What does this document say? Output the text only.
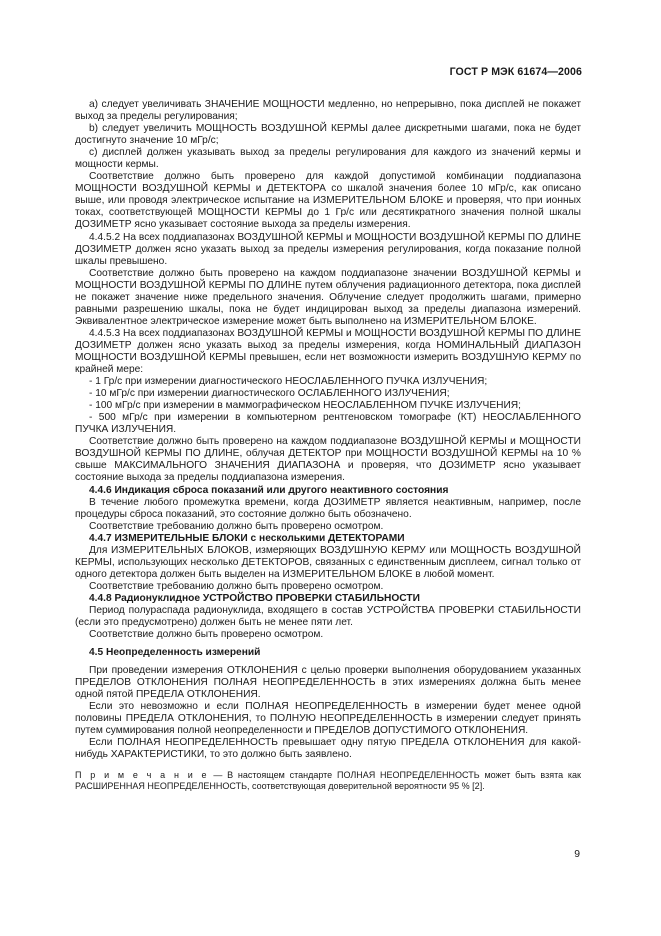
ГОСТ Р МЭК 61674—2006

а) следует увеличивать ЗНАЧЕНИЕ МОЩНОСТИ медленно, но непрерывно, пока дисплей не покажет выход за пределы регулирования;

b) следует увеличить МОЩНОСТЬ ВОЗДУШНОЙ КЕРМЫ далее дискретными шагами, пока не будет достигнуто значение 10 мГр/с;

с) дисплей должен указывать выход за пределы регулирования для каждого из значений кермы и мощности кермы.

Соответствие должно быть проверено для каждой допустимой комбинации поддиапазона МОЩНОСТИ ВОЗДУШНОЙ КЕРМЫ и ДЕТЕКТОРА со шкалой значения более 10 мГр/с, как описано выше, или проводя электрическое испытание на ИЗМЕРИТЕЛЬНОМ БЛОКЕ и проверяя, что при ионных токах, соответствующей МОЩНОСТИ КЕРМЫ до 1 Гр/с или десятикратного значения полной шкалы ДОЗИМЕТР ясно указывает состояние выхода за пределы измерения.

4.4.5.2 На всех поддиапазонах ВОЗДУШНОЙ КЕРМЫ и МОЩНОСТИ ВОЗДУШНОЙ КЕРМЫ ПО ДЛИНЕ ДОЗИМЕТР должен ясно указать выход за пределы измерения регулирования, когда показание полной шкалы превышено.

Соответствие должно быть проверено на каждом поддиапазоне значении ВОЗДУШНОЙ КЕРМЫ и МОЩНОСТИ ВОЗДУШНОЙ КЕРМЫ ПО ДЛИНЕ путем облучения радиационного детектора, пока дисплей не покажет значение ниже предельного значения. Облучение следует продолжить шагами, примерно равными разрешению шкалы, пока не будет индицирован выход за пределы диапазона измерений. Эквивалентное электрическое измерение может быть выполнено на ИЗМЕРИТЕЛЬНОМ БЛОКЕ.

4.4.5.3 На всех поддиапазонах ВОЗДУШНОЙ КЕРМЫ и МОЩНОСТИ ВОЗДУШНОЙ КЕРМЫ ПО ДЛИНЕ ДОЗИМЕТР должен ясно указать выход за пределы измерения, когда НОМИНАЛЬНЫЙ ДИАПАЗОН МОЩНОСТИ ВОЗДУШНОЙ КЕРМЫ превышен, если нет возможности измерить ВОЗДУШНУЮ КЕРМУ по крайней мере:

- 1 Гр/с при измерении диагностического НЕОСЛАБЛЕННОГО ПУЧКА ИЗЛУЧЕНИЯ;

- 10 мГр/с при измерении диагностического ОСЛАБЛЕННОГО ИЗЛУЧЕНИЯ;

- 100 мГр/с при измерении в маммографическом НЕОСЛАБЛЕННОМ ПУЧКЕ ИЗЛУЧЕНИЯ;

- 500 мГр/с при измерении в компьютерном рентгеновском томографе (КТ) НЕОСЛАБЛЕННОГО ПУЧКА ИЗЛУЧЕНИЯ.

Соответствие должно быть проверено на каждом поддиапазоне ВОЗДУШНОЙ КЕРМЫ и МОЩНОСТИ ВОЗДУШНОЙ КЕРМЫ ПО ДЛИНЕ, облучая ДЕТЕКТОР при МОЩНОСТИ ВОЗДУШНОЙ КЕРМЫ на 10 % свыше МАКСИМАЛЬНОГО ЗНАЧЕНИЯ ДИАПАЗОНА и проверяя, что ДОЗИМЕТР ясно указывает состояние выхода за пределы поддиапазона измерения.

4.4.6 Индикация сброса показаний или другого неактивного состояния

В течение любого промежутка времени, когда ДОЗИМЕТР является неактивным, например, после процедуры сброса показаний, это состояние должно быть обозначено.

Соответствие требованию должно быть проверено осмотром.

4.4.7 ИЗМЕРИТЕЛЬНЫЕ БЛОКИ с несколькими ДЕТЕКТОРАМИ

Для ИЗМЕРИТЕЛЬНЫХ БЛОКОВ, измеряющих ВОЗДУШНУЮ КЕРМУ или МОЩНОСТЬ ВОЗДУШНОЙ КЕРМЫ, использующих несколько ДЕТЕКТОРОВ, связанных с единственным дисплеем, сигнал только от одного детектора должен быть выделен на ИЗМЕРИТЕЛЬНОМ БЛОКЕ в любой момент.

Соответствие требованию должно быть проверено осмотром.

4.4.8 Радионуклидное УСТРОЙСТВО ПРОВЕРКИ СТАБИЛЬНОСТИ

Период полураспада радионуклида, входящего в состав УСТРОЙСТВА ПРОВЕРКИ СТАБИЛЬНОСТИ (если это предусмотрено) должен быть не менее пяти лет.

Соответствие должно быть проверено осмотром.

4.5 Неопределенность измерений

При проведении измерения ОТКЛОНЕНИЯ с целью проверки выполнения оборудованием указанных ПРЕДЕЛОВ ОТКЛОНЕНИЯ ПОЛНАЯ НЕОПРЕДЕЛЕННОСТЬ в этих измерениях должна быть менее одной пятой ПРЕДЕЛА ОТКЛОНЕНИЯ.

Если это невозможно и если ПОЛНАЯ НЕОПРЕДЕЛЕННОСТЬ в измерении будет менее одной половины ПРЕДЕЛА ОТКЛОНЕНИЯ, то ПОЛНУЮ НЕОПРЕДЕЛЕННОСТЬ в измерении следует принять путем суммирования полной неопределенности и ПРЕДЕЛОВ ДОПУСТИМОГО ОТКЛОНЕНИЯ.

Если ПОЛНАЯ НЕОПРЕДЕЛЕННОСТЬ превышает одну пятую ПРЕДЕЛА ОТКЛОНЕНИЯ для какой-нибудь ХАРАКТЕРИСТИКИ, то это должно быть заявлено.

П р и м е ч а н и е — В настоящем стандарте ПОЛНАЯ НЕОПРЕДЕЛЕННОСТЬ может быть взята как РАСШИРЕННАЯ НЕОПРЕДЕЛЕННОСТЬ, соответствующая доверительной вероятности 95 % [2].

9
